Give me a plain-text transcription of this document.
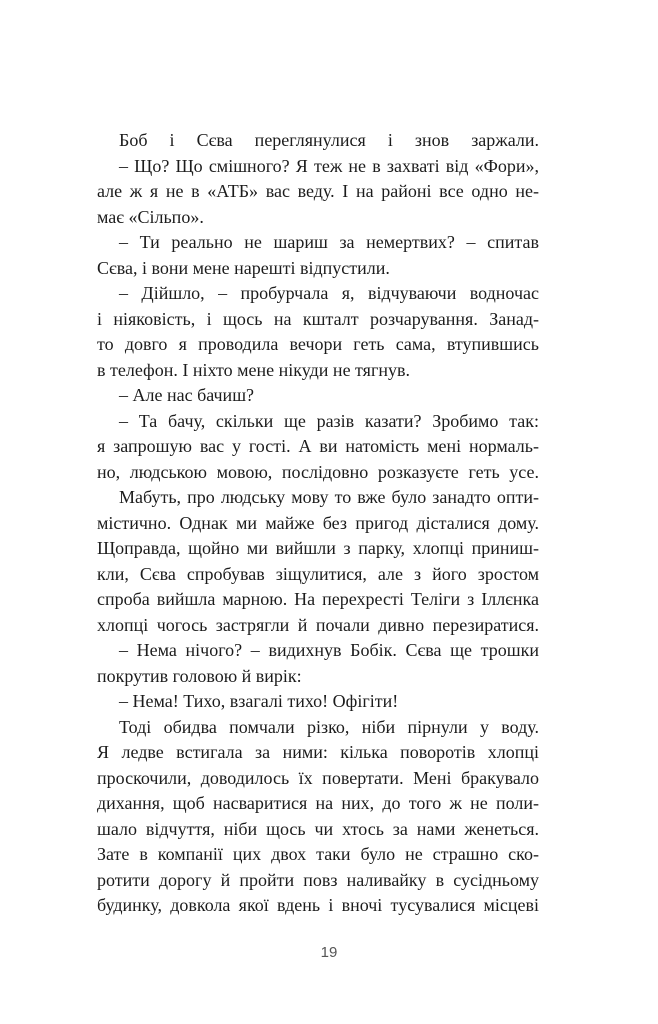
Боб і Сєва переглянулися і знов заржали.
– Що? Що смішного? Я теж не в захваті від «Фори»,
але ж я не в «АТБ» вас веду. І на районі все одно не-
має «Сільпо».
– Ти реально не шариш за немертвих? – спитав
Сєва, і вони мене нарешті відпустили.
– Дійшло, – пробурчала я, відчуваючи водночас
і ніяковість, і щось на кшталт розчарування. Занад-
то довго я проводила вечори геть сама, втупившись
в телефон. І ніхто мене нікуди не тягнув.
– Але нас бачиш?
– Та бачу, скільки ще разів казати? Зробимо так:
я запрошую вас у гості. А ви натомість мені нормаль-
но, людською мовою, послідовно розказуєте геть усе.
Мабуть, про людську мову то вже було занадто опти-
містично. Однак ми майже без пригод дісталися дому.
Щоправда, щойно ми вийшли з парку, хлопці приниш-
кли, Сєва спробував зіщулитися, але з його зростом
спроба вийшла марною. На перехресті Теліги з Іллєнка
хлопці чогось застрягли й почали дивно перезиратися.
– Нема нічого? – видихнув Бобік. Сєва ще трошки
покрутив головою й вирік:
– Нема! Тихо, взагалі тихо! Офігіти!
Тоді обидва помчали різко, ніби пірнули у воду.
Я ледве встигала за ними: кілька поворотів хлопці
проскочили, доводилось їх повертати. Мені бракувало
дихання, щоб насваритися на них, до того ж не поли-
шало відчуття, ніби щось чи хтось за нами женеться.
Зате в компанії цих двох таки було не страшно ско-
ротити дорогу й пройти повз наливайку в сусідньому
будинку, довкола якої вдень і вночі тусувалися місцеві
19
